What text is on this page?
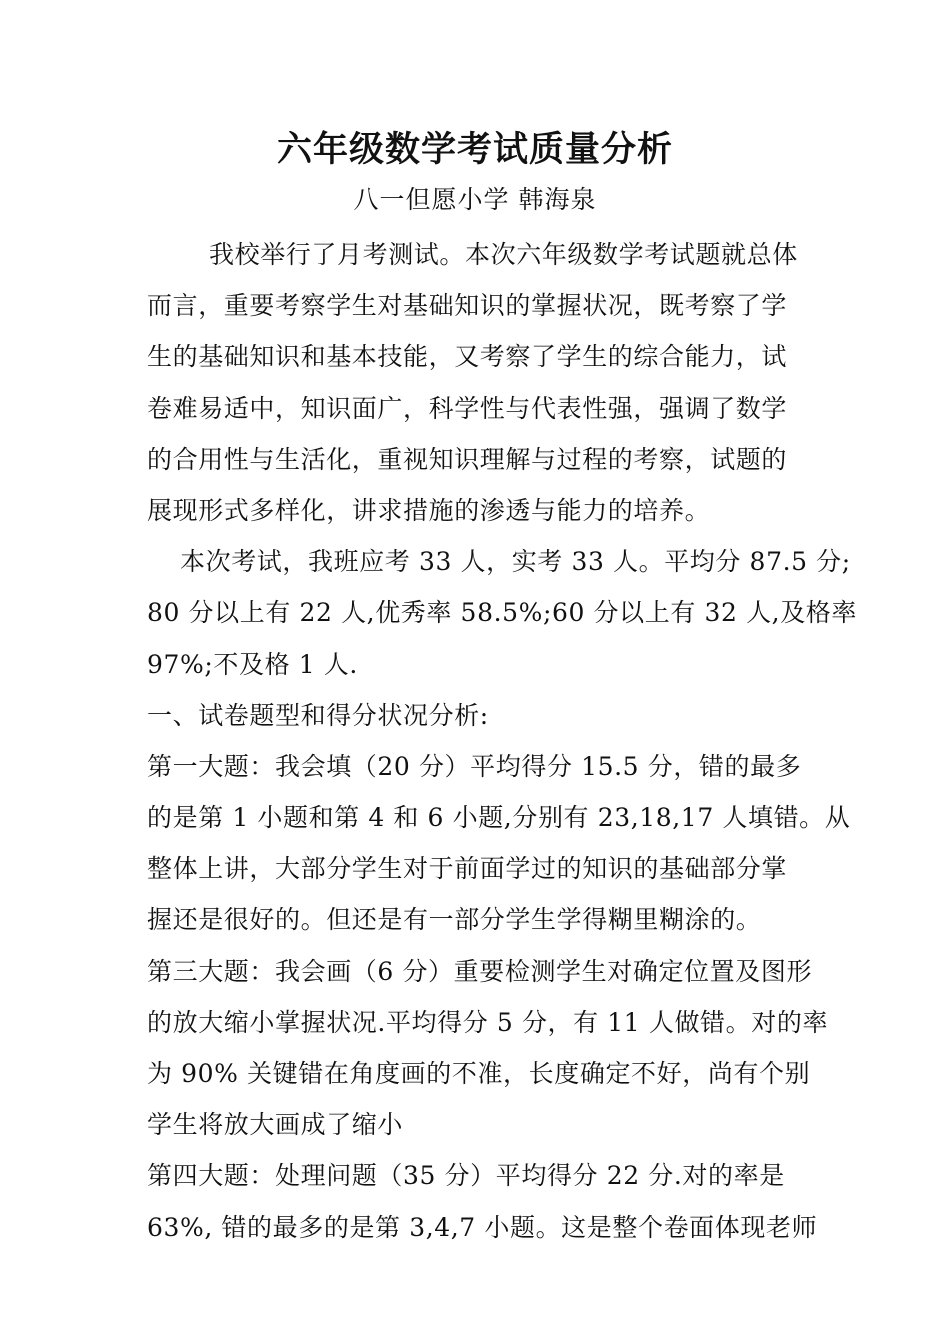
六年级数学考试质量分析
八一但愿小学 韩海泉
我校举行了月考测试。本次六年级数学考试题就总体
而言，重要考察学生对基础知识的掌握状况，既考察了学
生的基础知识和基本技能，又考察了学生的综合能力，试
卷难易适中，知识面广，科学性与代表性强，强调了数学
的合用性与生活化，重视知识理解与过程的考察，试题的
展现形式多样化，讲求措施的渗透与能力的培养。
本次考试，我班应考 33 人，实考 33 人。平均分 87.5 分;
80 分以上有 22 人,优秀率 58.5%;60 分以上有 32 人,及格率
97%;不及格 1 人.
一、试卷题型和得分状况分析:
第一大题：我会填（20 分）平均得分 15.5 分，错的最多
的是第 1 小题和第 4 和 6 小题,分别有 23,18,17 人填错。从
整体上讲，大部分学生对于前面学过的知识的基础部分掌
握还是很好的。但还是有一部分学生学得糊里糊涂的。
第三大题：我会画（6 分）重要检测学生对确定位置及图形
的放大缩小掌握状况.平均得分 5 分，有 11 人做错。对的率
为 90% 关键错在角度画的不准，长度确定不好，尚有个别
学生将放大画成了缩小
第四大题：处理问题（35 分）平均得分 22 分.对的率是
63%, 错的最多的是第 3,4,7 小题。这是整个卷面体现老师
